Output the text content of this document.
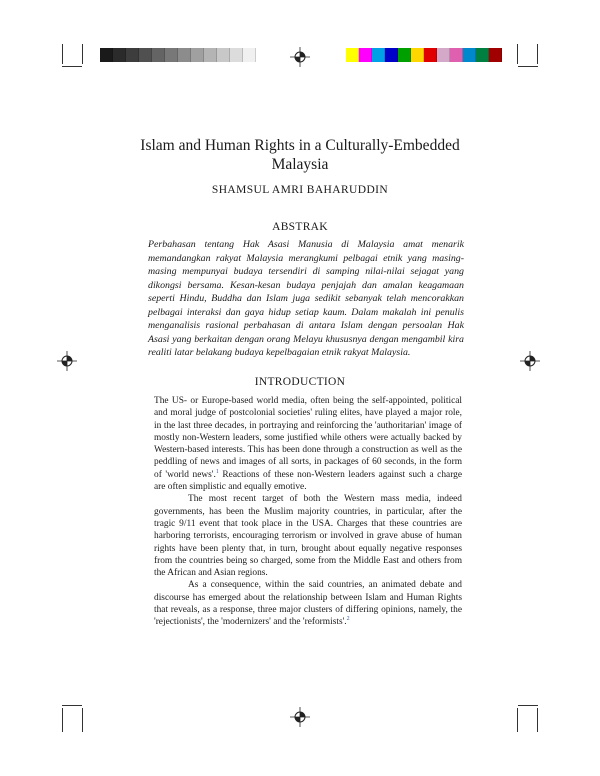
Islam and Human Rights in a Culturally-Embedded Malaysia
SHAMSUL AMRI BAHARUDDIN
ABSTRAK

Perbahasan tentang Hak Asasi Manusia di Malaysia amat menarik memandangkan rakyat Malaysia merangkumi pelbagai etnik yang masing-masing mempunyai budaya tersendiri di samping nilai-nilai sejagat yang dikongsi bersama. Kesan-kesan budaya penjajah dan amalan keagamaan seperti Hindu, Buddha dan Islam juga sedikit sebanyak telah mencorakkan pelbagai interaksi dan gaya hidup setiap kaum. Dalam makalah ini penulis menganalisis rasional perbahasan di antara Islam dengan persoalan Hak Asasi yang berkaitan dengan orang Melayu khususnya dengan mengambil kira realiti latar belakang budaya kepelbagaian etnik rakyat Malaysia.

INTRODUCTION

The US- or Europe-based world media, often being the self-appointed, political and moral judge of postcolonial societies' ruling elites, have played a major role, in the last three decades, in portraying and reinforcing the 'authoritarian' image of mostly non-Western leaders, some justified while others were actually backed by Western-based interests. This has been done through a construction as well as the peddling of news and images of all sorts, in packages of 60 seconds, in the form of 'world news'.$^1$ Reactions of these non-Western leaders against such a charge are often simplistic and equally emotive.

The most recent target of both the Western mass media, indeed governments, has been the Muslim majority countries, in particular, after the tragic 9/11 event that took place in the USA. Charges that these countries are harboring terrorists, encouraging terrorism or involved in grave abuse of human rights have been plenty that, in turn, brought about equally negative responses from the countries being so charged, some from the Middle East and others from the African and Asian regions.

As a consequence, within the said countries, an animated debate and discourse has emerged about the relationship between Islam and Human Rights that reveals, as a response, three major clusters of differing opinions, namely, the 'rejectionists', the 'modernizers' and the 'reformists'.$^2$
